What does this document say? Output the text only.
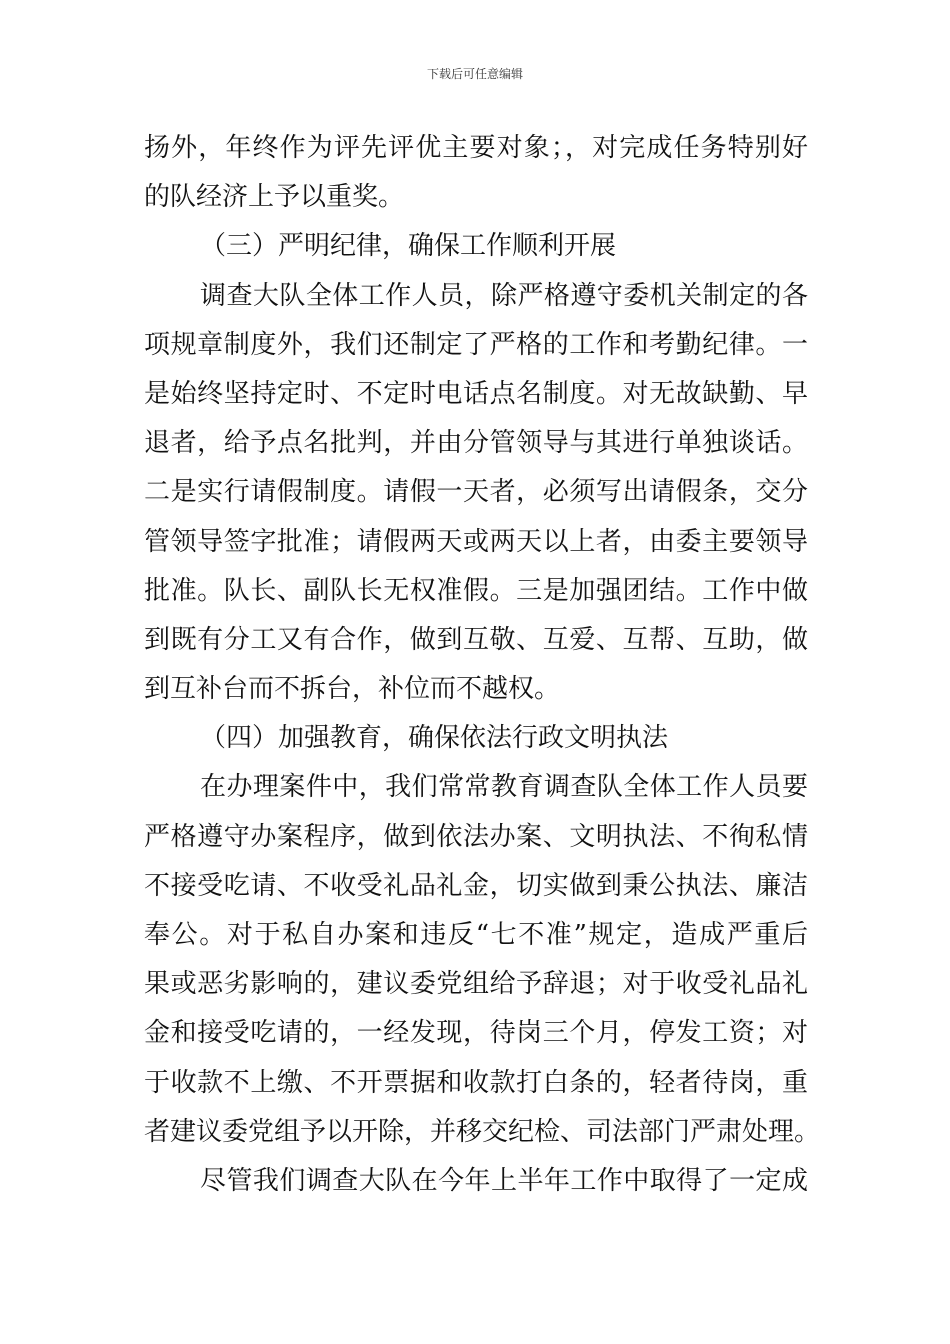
下载后可任意编辑
扬外，年终作为评先评优主要对象；，对完成任务特别好
的队经济上予以重奖。
（三）严明纪律，确保工作顺利开展
调查大队全体工作人员，除严格遵守委机关制定的各
项规章制度外，我们还制定了严格的工作和考勤纪律。一
是始终坚持定时、不定时电话点名制度。对无故缺勤、早
退者，给予点名批判，并由分管领导与其进行单独谈话。
二是实行请假制度。请假一天者，必须写出请假条，交分
管领导签字批准；请假两天或两天以上者，由委主要领导
批准。队长、副队长无权准假。三是加强团结。工作中做
到既有分工又有合作，做到互敬、互爱、互帮、互助，做
到互补台而不拆台，补位而不越权。
（四）加强教育，确保依法行政文明执法
在办理案件中，我们常常教育调查队全体工作人员要
严格遵守办案程序，做到依法办案、文明执法、不徇私情
不接受吃请、不收受礼品礼金，切实做到秉公执法、廉洁
奉公。对于私自办案和违反“七不准”规定，造成严重后
果或恶劣影响的，建议委党组给予辞退；对于收受礼品礼
金和接受吃请的，一经发现，待岗三个月，停发工资；对
于收款不上缴、不开票据和收款打白条的，轻者待岗，重
者建议委党组予以开除，并移交纪检、司法部门严肃处理。
尽管我们调查大队在今年上半年工作中取得了一定成
